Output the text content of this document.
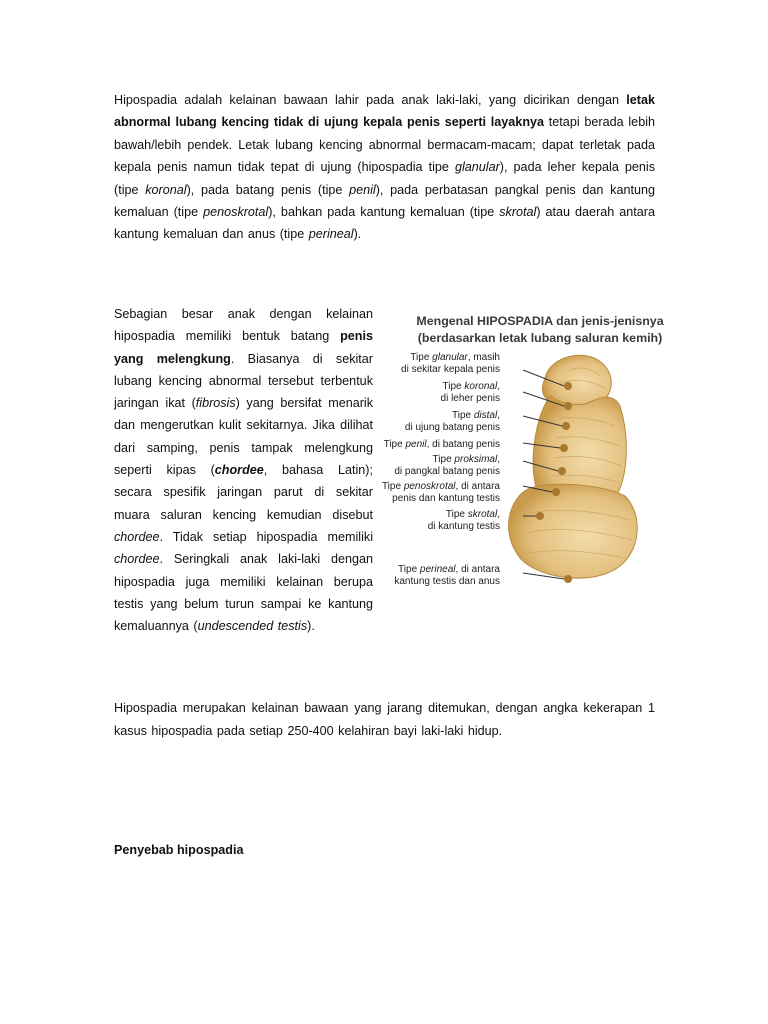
Hipospadia adalah kelainan bawaan lahir pada anak laki-laki, yang dicirikan dengan letak abnormal lubang kencing tidak di ujung kepala penis seperti layaknya tetapi berada lebih bawah/lebih pendek. Letak lubang kencing abnormal bermacam-macam; dapat terletak pada kepala penis namun tidak tepat di ujung (hipospadia tipe glanular), pada leher kepala penis (tipe koronal), pada batang penis (tipe penil), pada perbatasan pangkal penis dan kantung kemaluan (tipe penoskrotal), bahkan pada kantung kemaluan (tipe skrotal) atau daerah antara kantung kemaluan dan anus (tipe perineal).

Sebagian besar anak dengan kelainan hipospadia memiliki bentuk batang penis yang melengkung. Biasanya di sekitar lubang kencing abnormal tersebut terbentuk jaringan ikat (fibrosis) yang bersifat menarik dan mengerutkan kulit sekitarnya. Jika dilihat dari samping, penis tampak melengkung seperti kipas (chordee, bahasa Latin); secara spesifik jaringan parut di sekitar muara saluran kencing kemudian disebut chordee. Tidak setiap hipospadia memiliki chordee. Seringkali anak laki-laki dengan hipospadia juga memiliki kelainan berupa testis yang belum turun sampai ke kantung kemaluannya (undescended testis).

Mengenal HIPOSPADIA dan jenis-jenisnya
(berdasarkan letak lubang saluran kemih)
Tipe glanular, masih
di sekitar kepala penis
Tipe koronal,
di leher penis
Tipe distal,
di ujung batang penis
Tipe penil, di batang penis
Tipe proksimal,
di pangkal batang penis
Tipe penoskrotal, di antara
penis dan kantung testis
Tipe skrotal,
di kantung testis
Tipe perineal, di antara
kantung testis dan anus

Hipospadia merupakan kelainan bawaan yang jarang ditemukan, dengan angka kekerapan 1 kasus hipospadia pada setiap 250-400 kelahiran bayi laki-laki hidup.

Penyebab hipospadia
